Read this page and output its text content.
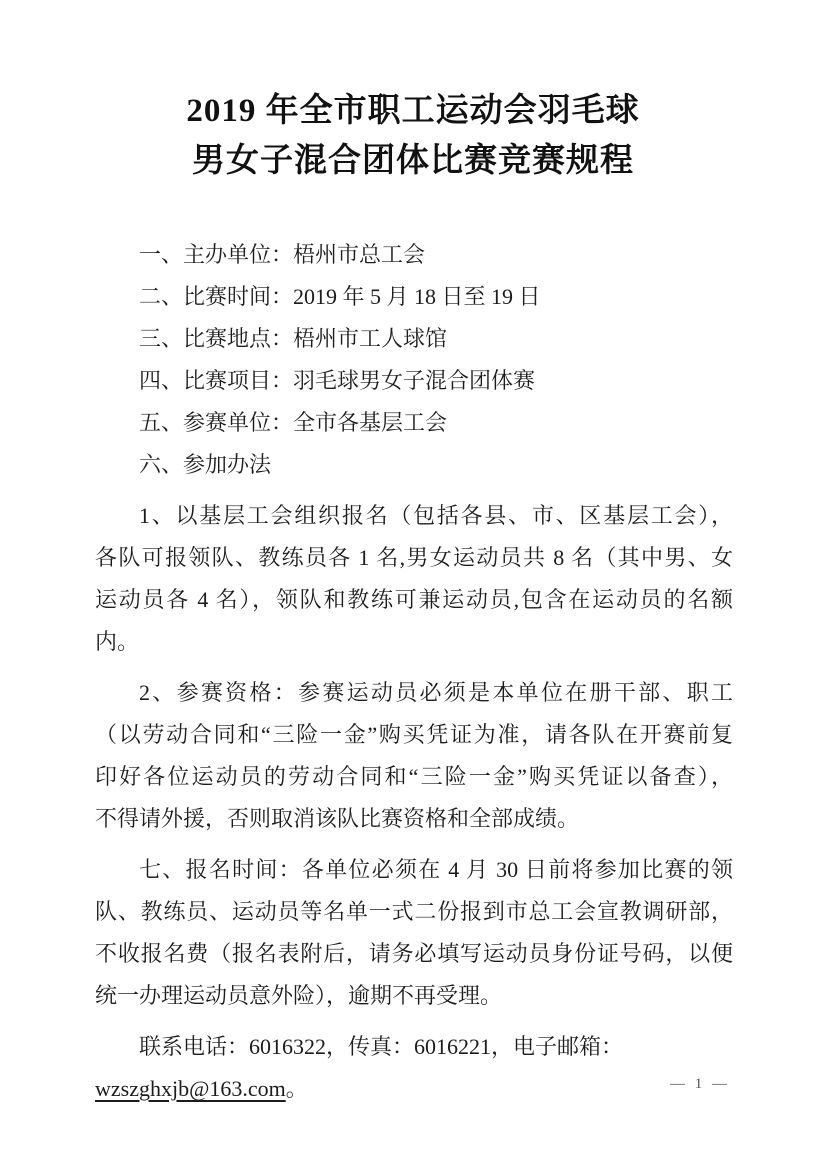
2019 年全市职工运动会羽毛球
男女子混合团体比赛竞赛规程
一、主办单位：梧州市总工会
二、比赛时间：2019 年 5 月 18 日至 19 日
三、比赛地点：梧州市工人球馆
四、比赛项目：羽毛球男女子混合团体赛
五、参赛单位：全市各基层工会
六、参加办法
1、以基层工会组织报名（包括各县、市、区基层工会），
各队可报领队、教练员各 1 名,男女运动员共 8 名（其中男、女
运动员各 4 名），领队和教练可兼运动员,包含在运动员的名额
内。
2、参赛资格：参赛运动员必须是本单位在册干部、职工
（以劳动合同和“三险一金”购买凭证为准，请各队在开赛前复
印好各位运动员的劳动合同和“三险一金”购买凭证以备查），
不得请外援，否则取消该队比赛资格和全部成绩。
七、报名时间：各单位必须在 4 月 30 日前将参加比赛的领
队、教练员、运动员等名单一式二份报到市总工会宣教调研部，
不收报名费（报名表附后，请务必填写运动员身份证号码，以便
统一办理运动员意外险），逾期不再受理。
联系电话：6016322，传真：6016221，电子邮箱：wzszghxjb@163.com。	— 1 —
